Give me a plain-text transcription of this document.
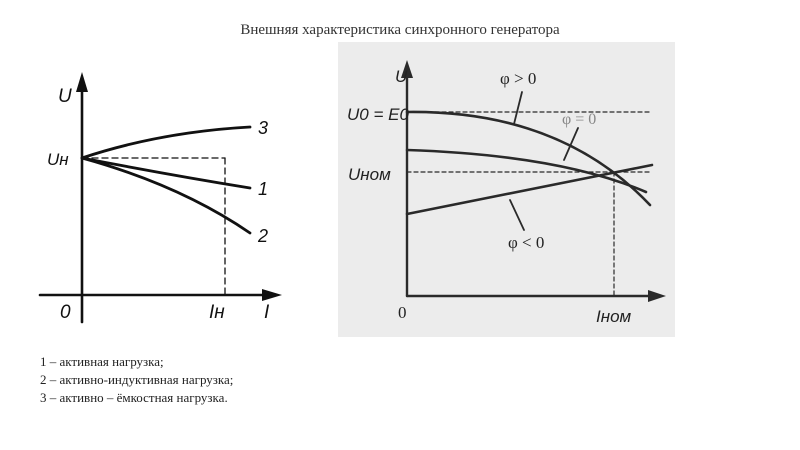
Внешняя характеристика синхронного генератора
U
Uн
0	Iн I
3
1
2
U
U0 = E0
Uном
0	Iном
φ > 0
φ = 0
φ < 0
1 – активная нагрузка;
2 – активно-индуктивная нагрузка;
3 – активно – ёмкостная нагрузка.
